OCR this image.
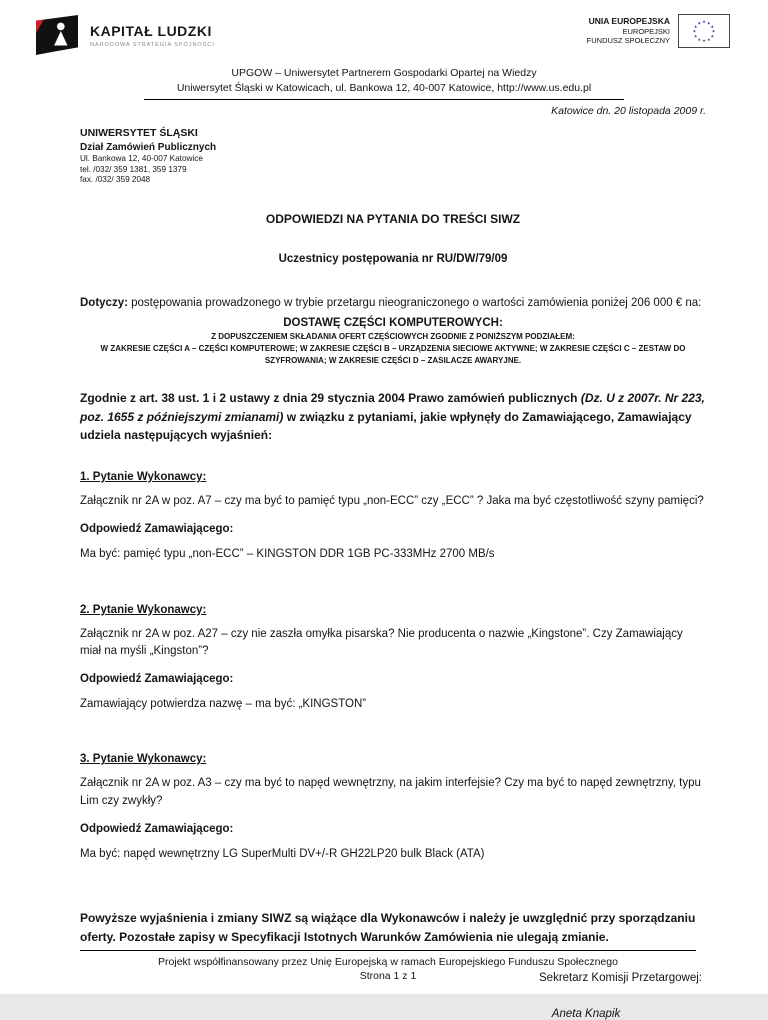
KAPITAŁ LUDZKI
NARODOWA STRATEGIA SPÓJNOŚCI
UNIA EUROPEJSKA
EUROPEJSKI
FUNDUSZ SPOŁECZNY
★ ★
★
★
★
★
★
★
★
★
★
★
UPGOW – Uniwersytet Partnerem Gospodarki Opartej na Wiedzy
Uniwersytet Śląski w Katowicach, ul. Bankowa 12, 40-007 Katowice, http://www.us.edu.pl
Katowice dn. 20 listopada 2009 r.
UNIWERSYTET ŚLĄSKI
Dział Zamówień Publicznych
Ul. Bankowa 12, 40-007 Katowice
tel. /032/ 359 1381, 359 1379
fax. /032/ 359 2048
ODPOWIEDZI NA PYTANIA DO TREŚCI SIWZ
Uczestnicy postępowania nr RU/DW/79/09

Dotyczy: postępowania prowadzonego w trybie przetargu nieograniczonego o wartości zamówienia poniżej 206 000 € na:

DOSTAWĘ CZĘŚCI KOMPUTEROWYCH:
Z DOPUSZCZENIEM SKŁADANIA OFERT CZĘŚCIOWYCH ZGODNIE Z PONIŻSZYM PODZIAŁEM:
W ZAKRESIE CZĘŚCI A – CZĘŚCI KOMPUTEROWE; W ZAKRESIE CZĘŚCI B – URZĄDZENIA SIECIOWE AKTYWNE; W ZAKRESIE CZĘŚCI C – ZESTAW DO SZYFROWANIA; W ZAKRESIE CZĘŚCI D – ZASILACZE AWARYJNE.

Zgodnie z art. 38 ust. 1 i 2 ustawy z dnia 29 stycznia 2004 Prawo zamówień publicznych (Dz. U z 2007r. Nr 223, poz. 1655 z późniejszymi zmianami) w związku z pytaniami, jakie wpłynęły do Zamawiającego, Zamawiający udziela następujących wyjaśnień:

1. Pytanie Wykonawcy:

Załącznik nr 2A w poz. A7 – czy ma być to pamięć typu „non-ECC” czy „ECC” ? Jaka ma być częstotliwość szyny pamięci?

Odpowiedź Zamawiającego:

Ma być: pamięć typu „non-ECC” – KINGSTON DDR 1GB PC-333MHz 2700 MB/s

2. Pytanie Wykonawcy:

Załącznik nr 2A w poz. A27 – czy nie zaszła omyłka pisarska? Nie producenta o nazwie „Kingstone”. Czy Zamawiający miał na myśli „Kingston”?

Odpowiedź Zamawiającego:

Zamawiający potwierdza nazwę – ma być: „KINGSTON”

3. Pytanie Wykonawcy:

Załącznik nr 2A w poz. A3 – czy ma być to napęd wewnętrzny, na jakim interfejsie? Czy ma być to napęd zewnętrzny, typu Lim czy zwykły?

Odpowiedź Zamawiającego:

Ma być: napęd wewnętrzny LG SuperMulti DV+/-R GH22LP20 bulk Black (ATA)

Powyższe wyjaśnienia i zmiany SIWZ są wiążące dla Wykonawców i należy je uwzględnić przy sporządzaniu oferty. Pozostałe zapisy w Specyfikacji Istotnych Warunków Zamówienia nie ulegają zmianie.

Sekretarz Komisji Przetargowej:
Aneta Knapik
Projekt współfinansowany przez Unię Europejską w ramach Europejskiego Funduszu Społecznego
Strona 1 z 1
